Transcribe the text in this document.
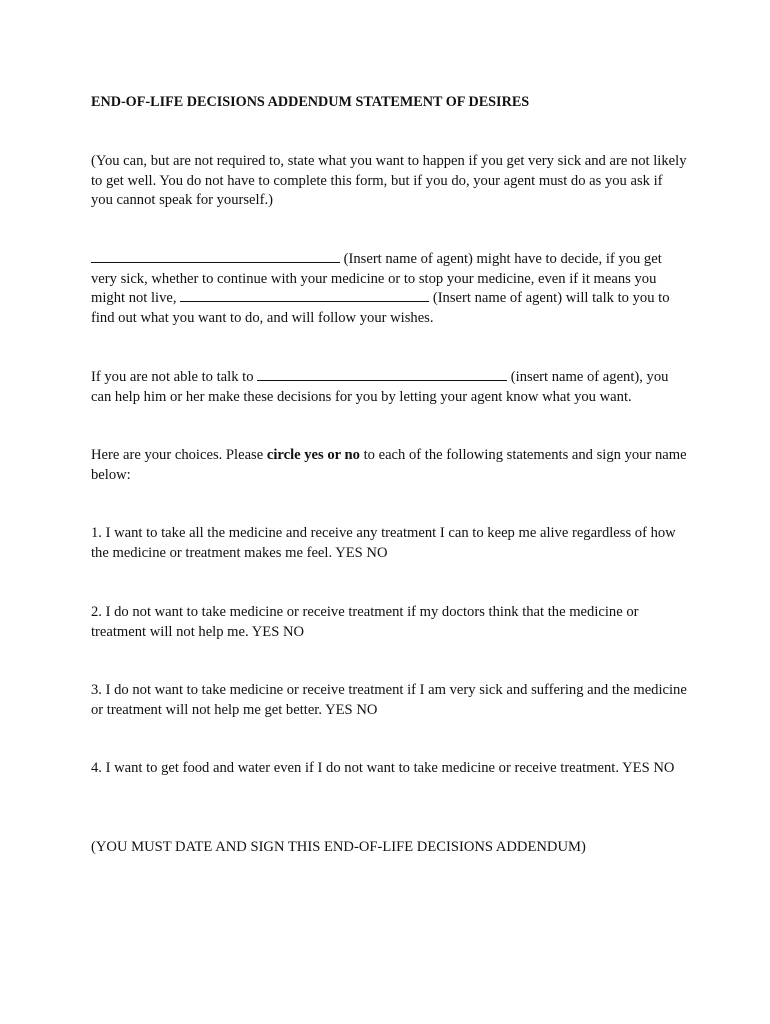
END-OF-LIFE DECISIONS ADDENDUM STATEMENT OF DESIRES

(You can, but are not required to, state what you want to happen if you get very sick and are not likely to get well. You do not have to complete this form, but if you do, your agent must do as you ask if you cannot speak for yourself.)

(Insert name of agent) might have to decide, if you get very sick, whether to continue with your medicine or to stop your medicine, even if it means you might not live,	(Insert name of agent) will talk to you to find out what you want to do, and will follow your wishes.

If you are not able to talk to	(insert name of agent), you can help him or her make these decisions for you by letting your agent know what you want.

Here are your choices. Please circle yes or no to each of the following statements and sign your name below:

1. I want to take all the medicine and receive any treatment I can to keep me alive regardless of how the medicine or treatment makes me feel. YES NO

2. I do not want to take medicine or receive treatment if my doctors think that the medicine or treatment will not help me. YES NO

3. I do not want to take medicine or receive treatment if I am very sick and suffering and the medicine or treatment will not help me get better. YES NO

4. I want to get food and water even if I do not want to take medicine or receive treatment. YES NO

(YOU MUST DATE AND SIGN THIS END-OF-LIFE DECISIONS ADDENDUM)
